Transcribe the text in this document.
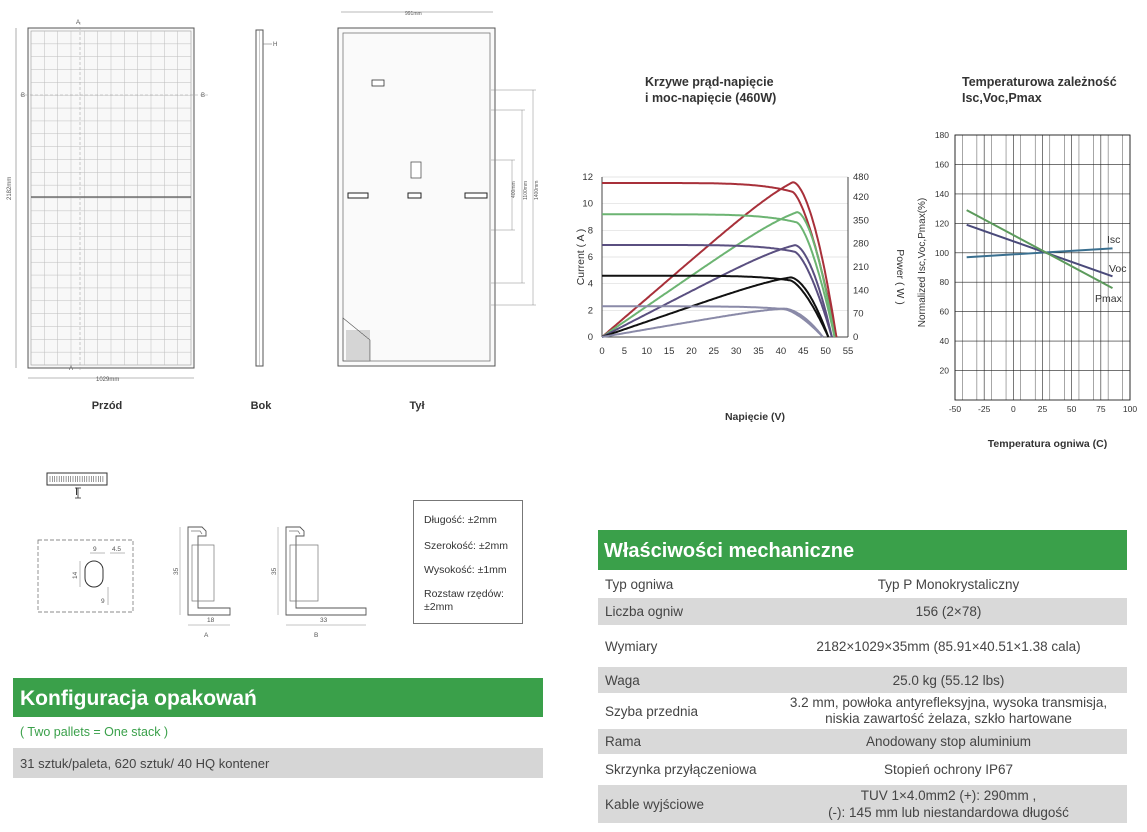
2182mm
1029mm
A
A
B	B
H
991mm
1400mm
1100mm
400mm
Przód	Bok	Tył
9 4.5
14
9
35
18
A
35
33
B
I
Długość: ±2mm
Szerokość: ±2mm
Wysokość: ±1mm
Rozstaw rzędów: ±2mm
Konfiguracja opakowań
( Two pallets = One stack )
31 sztuk/paleta, 620 sztuk/ 40 HQ kontener
Krzywe prąd-napięcie
i moc-napięcie (460W)
0 5 10 15 20 25 30 35 40 45 50 55
0
2
4
6
8
10
12
0
70
140
210
280
350
420
480
Current ( A )	Power ( W )
Napięcie (V)
Temperaturowa zależność
Isc,Voc,Pmax
-50 -25 0	25 50 75 100
20
40
60
80
100
120
140
160
180
Normalized Isc,Voc,Pmax(%)
Temperatura ogniwa (C)
Isc
Voc
Pmax
Właściwości mechaniczne
Typ ogniwa	Typ P Monokrystaliczny
Liczba ogniw	156 (2×78)
Wymiary	2182×1029×35mm (85.91×40.51×1.38 cala)
Waga	25.0 kg (55.12 lbs)
Szyba przednia	3.2 mm, powłoka antyrefleksyjna, wysoka transmisja,
niskia zawartość żelaza, szkło hartowane

Rama	Anodowany stop aluminium
Skrzynka przyłączeniowa	Stopień ochrony IP67
Kable wyjściowe	TUV 1×4.0mm2 (+): 290mm ,
(-): 145 mm lub niestandardowa długość
